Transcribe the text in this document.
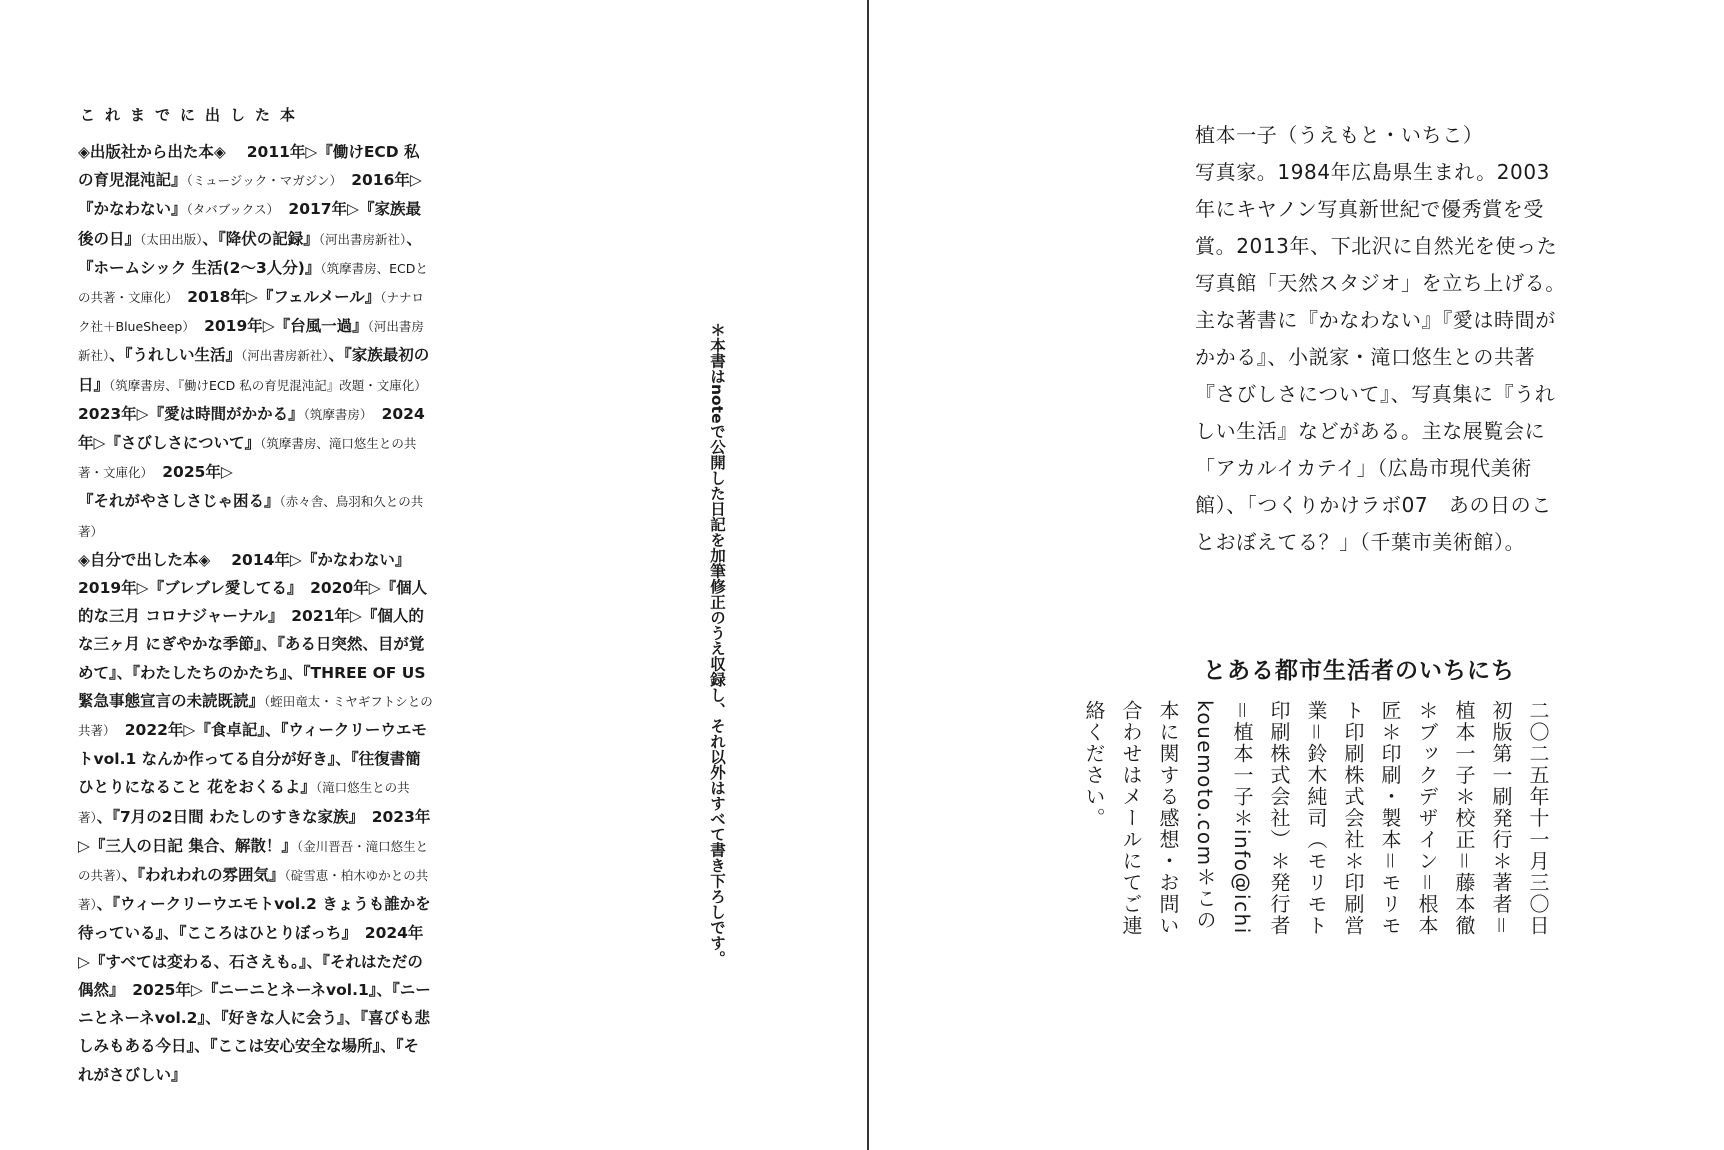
これまでに出した本
◈出版社から出た本◈ 　2011年▷『働けECD 私の育児混沌記』（ミュージック・マガジン）　2016年▷『かなわない』（タバブックス）　2017年▷『家族最後の日』（太田出版）、『降伏の記録』（河出書房新社）、『ホームシック 生活(2〜3人分)』（筑摩書房、ECDとの共著・文庫化）　2018年▷『フェルメール』（ナナロク社＋BlueSheep）　2019年▷『台風一過』（河出書房新社）、『うれしい生活』（河出書房新社）、『家族最初の日』（筑摩書房、『働けECD 私の育児混沌記』改題・文庫化）　2023年▷『愛は時間がかかる』（筑摩書房）　2024年▷『さびしさについて』（筑摩書房、滝口悠生との共著・文庫化）　2025年▷『それがやさしさじゃ困る』（赤々舎、鳥羽和久との共著）
◈自分で出した本◈ 　2014年▷『かなわない』　2019年▷『ブレブレ愛してる』　2020年▷『個人的な三月 コロナジャーナル』　2021年▷『個人的な三ヶ月 にぎやかな季節』、『ある日突然、目が覚めて』、『わたしたちのかたち』、『THREE OF US 緊急事態宣言の未読既読』（蛭田竜太・ミヤギフトシとの共著）　2022年▷『食卓記』、『ウィークリーウエモトvol.1 なんか作ってる自分が好き』、『往復書簡 ひとりになること 花をおくるよ』（滝口悠生との共著）、『7月の2日間 わたしのすきな家族』　2023年▷『三人の日記 集合、解散！』（金川晋吾・滝口悠生との共著）、『われわれの雰囲気』（碇雪恵・柏木ゆかとの共著）、『ウィークリーウエモトvol.2 きょうも誰かを待っている』、『こころはひとりぼっち』　2024年▷『すべては変わる、石さえも。』、『それはただの偶然』　2025年▷『ニーニとネーネvol.1』、『ニーニとネーネvol.2』、『好きな人に会う』、『喜びも悲しみもある今日』、『ここは安心安全な場所』、『それがさびしい』
＊本書はnoteで公開した日記を加筆修正のうえ収録し、それ以外はすべて書き下ろしです。
植本一子（うえもと・いちこ）
写真家。1984年広島県生まれ。2003
年にキヤノン写真新世紀で優秀賞を受
賞。2013年、下北沢に自然光を使った
写真館「天然スタジオ」を立ち上げる。
主な著書に『かなわない』『愛は時間が
かかる』、小説家・滝口悠生との共著
『さびしさについて』、写真集に『うれ
しい生活』などがある。主な展覧会に
「アカルイカテイ」（広島市現代美術
館）、「つくりかけラボ07　あの日のこ
とおぼえてる？」（千葉市美術館）。
とある都市生活者のいちにち
二〇二五年十一月三〇日
初版第一刷発行＊著者＝
植本一子＊校正＝藤本徹
＊ブックデザイン＝根本
匠＊印刷・製本＝モリモ
ト印刷株式会社＊印刷営
業＝鈴木純司（モリモト
印刷株式会社）＊発行者
＝植本一子＊info@ichi
kouemoto.com＊この
本に関する感想・お問い
合わせはメールにてご連
絡ください。
